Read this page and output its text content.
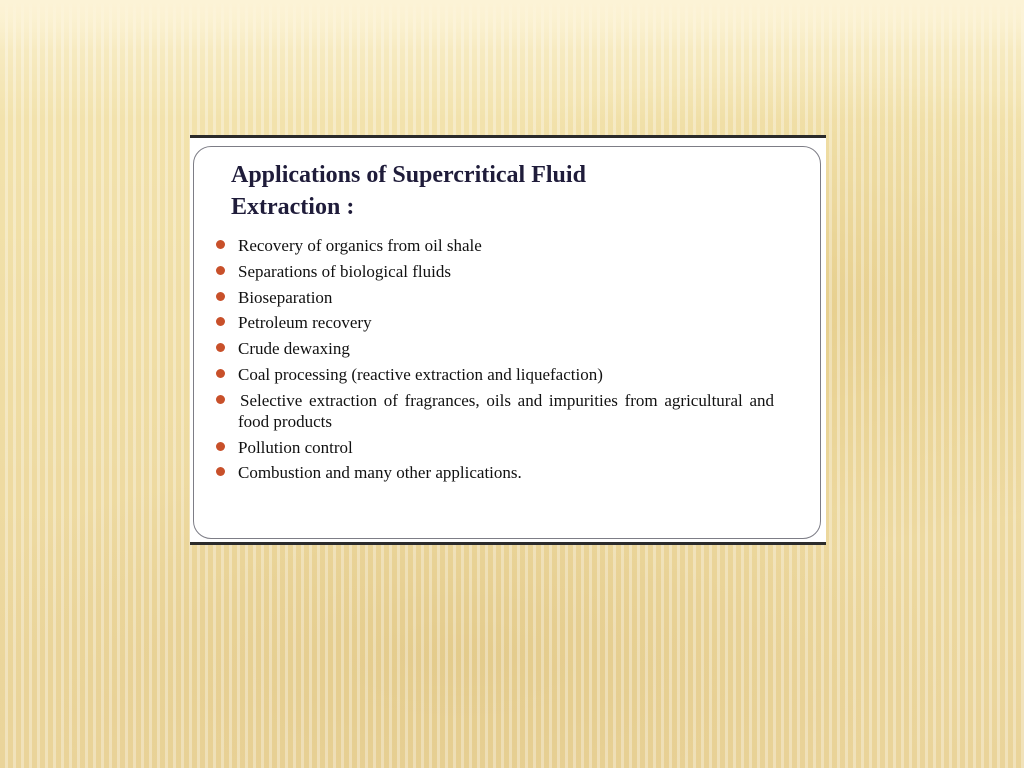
Applications of Supercritical Fluid
Extraction :
Recovery of organics from oil shale
Separations of biological fluids
Bioseparation
Petroleum recovery
Crude dewaxing
Coal processing (reactive extraction and liquefaction)
Selective extraction of fragrances, oils and impurities from agricultural and food products
Pollution control
Combustion and many other applications.
